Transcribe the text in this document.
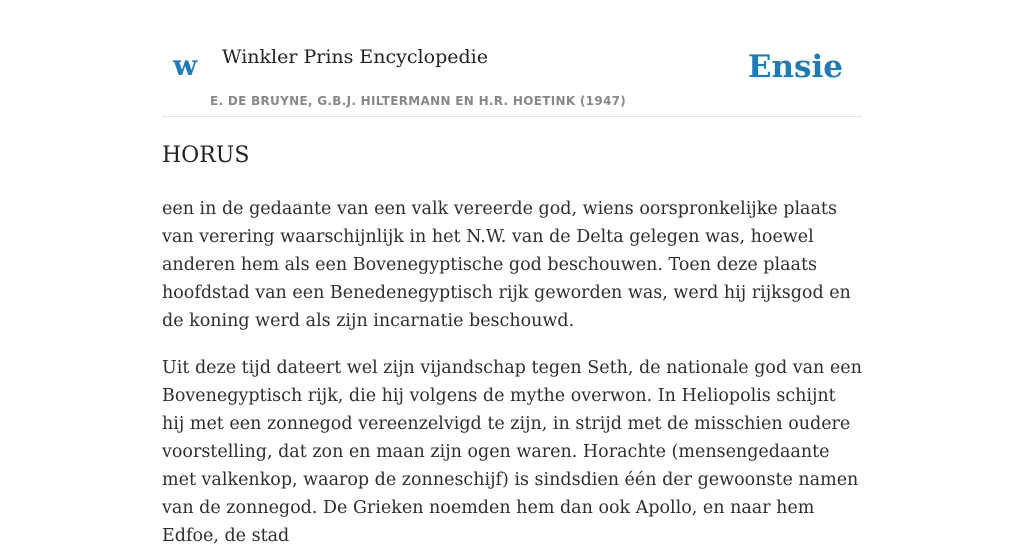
w Winkler Prins Encyclopedie
E. DE BRUYNE, G.B.J. HILTERMANN EN H.R. HOETINK (1947)
Ensie
HORUS

een in de gedaante van een valk vereerde god, wiens oorspronkelijke plaats van verering waarschijnlijk in het N.W. van de Delta gelegen was, hoewel anderen hem als een Bovenegyptische god beschouwen. Toen deze plaats hoofdstad van een Benedenegyptisch rijk geworden was, werd hij rijksgod en de koning werd als zijn incarnatie beschouwd.

Uit deze tijd dateert wel zijn vijandschap tegen Seth, de nationale god van een Bovenegyptisch rijk, die hij volgens de mythe overwon. In Heliopolis schijnt hij met een zonnegod vereenzelvigd te zijn, in strijd met de misschien oudere voorstelling, dat zon en maan zijn ogen waren. Horachte (mensengedaante met valkenkop, waarop de zonneschijf) is sindsdien één der gewoonste namen van de zonnegod. De Grieken noemden hem dan ook Apollo, en naar hem Edfoe, de stad
